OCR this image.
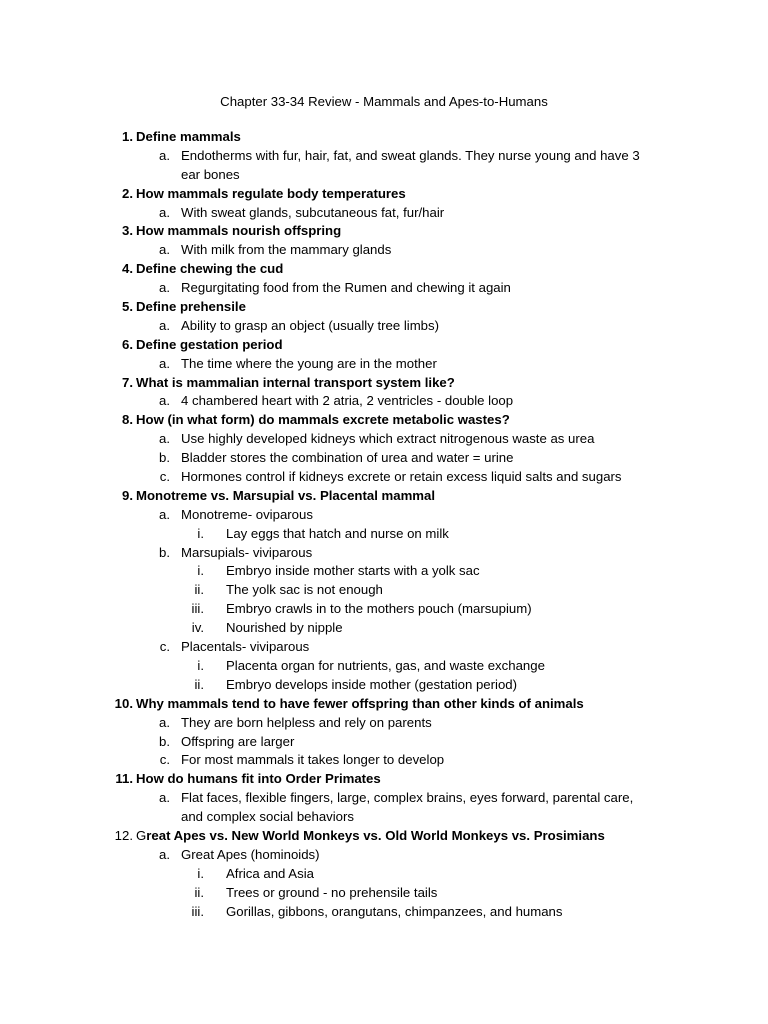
Chapter 33-34 Review - Mammals and Apes-to-Humans
1. Define mammals
a. Endotherms with fur, hair, fat, and sweat glands. They nurse young and have 3
ear bones
2. How mammals regulate body temperatures
a. With sweat glands, subcutaneous fat, fur/hair
3. How mammals nourish offspring
a. With milk from the mammary glands
4. Define chewing the cud
a. Regurgitating food from the Rumen and chewing it again
5. Define prehensile
a. Ability to grasp an object (usually tree limbs)
6. Define gestation period
a. The time where the young are in the mother
7. What is mammalian internal transport system like?
a. 4 chambered heart with 2 atria, 2 ventricles - double loop
8. How (in what form) do mammals excrete metabolic wastes?
a. Use highly developed kidneys which extract nitrogenous waste as urea
b. Bladder stores the combination of urea and water = urine
c. Hormones control if kidneys excrete or retain excess liquid salts and sugars
9. Monotreme vs. Marsupial vs. Placental mammal
a. Monotreme- oviparous
i. Lay eggs that hatch and nurse on milk
b. Marsupials- viviparous
i. Embryo inside mother starts with a yolk sac
ii. The yolk sac is not enough
iii. Embryo crawls in to the mothers pouch (marsupium)
iv. Nourished by nipple
c. Placentals- viviparous
i. Placenta organ for nutrients, gas, and waste exchange
ii. Embryo develops inside mother (gestation period)
10. Why mammals tend to have fewer offspring than other kinds of animals
a. They are born helpless and rely on parents
b. Offspring are larger
c. For most mammals it takes longer to develop
11. How do humans fit into Order Primates
a. Flat faces, flexible fingers, large, complex brains, eyes forward, parental care,
and complex social behaviors
12. Great Apes vs. New World Monkeys vs. Old World Monkeys vs. Prosimians
a. Great Apes (hominoids)
i. Africa and Asia
ii. Trees or ground - no prehensile tails
iii. Gorillas, gibbons, orangutans, chimpanzees, and humans
